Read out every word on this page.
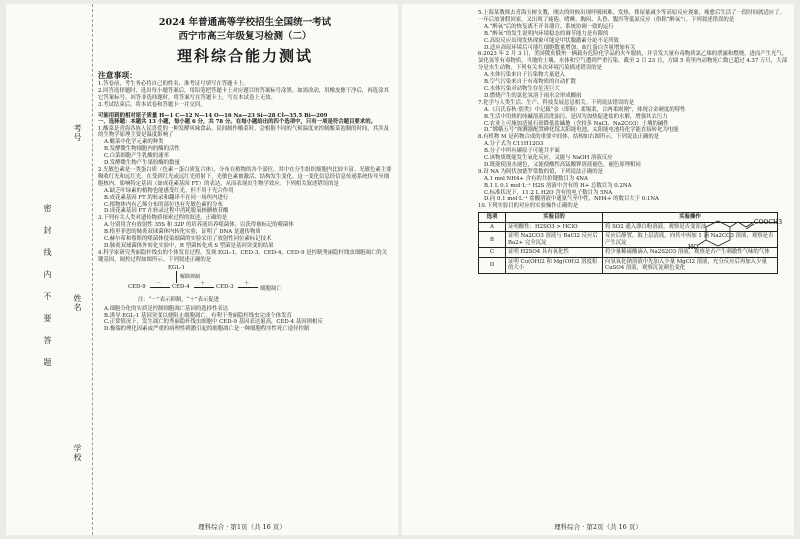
考号
姓名
学校
密封线内不要答题
2024 年普通高等学校招生全国统一考试
西宁市高三年级复习检测（二）
理科综合能力测试
注意事项：

1.答卷前，考生务必将自己的姓名、准考证号填写在答题卡上。

2.回答选择题时，选出每小题答案后，用铅笔把答题卡上对应题目的答案标号涂黑。如需改动，用橡皮擦干净后，再选涂其它答案标号。回答非选择题时，将答案写在答题卡上，写在本试卷上无效。

3.考试结束后，将本试卷和答题卡一并交回。

可能用到的相对原子质量 H—1 C—12 N—14 O—16 Na—23 Si—28 Cl—35.5 Bi—209

一、选择题：本题共 13 小题，每小题 6 分，共 78 分。在每小题给出的四个选项中，只有一项是符合题目要求的。

1.酸菜是青海各族人民喜爱的一种发酵风味食品。民间制作酸菜时，会根据不同的气候温度来控制酸菜泡制的时间，其涉及的生物学原理主要是温度影响了

A.酸菜中化学元素的种类
B.发酵微生物细胞内的酶的活性
C.白菜细胞产生乳酸的速率
D.发酵微生物产生果胶酶的数量

2.光敏色素是一类蛋白质（色素－蛋白质复合体），分布在植物的各个部位，其中在分生组织细胞内比较丰富。光敏色素主要吸收红光和远红光，在受到红光或远红光照射下，光敏色素被激活，结构发生变化，这一变化信息经信息传递系统传导至细胞核内，影响特定基因（如成花素基因 FT）的表达，从而表现出生物学效应。下列相关叙述错误的是

A.缺乏叶绿素的植物也能感受红光，但不用于光合作用
B.成花素基因 FT 的转录和翻译不在同一场所内进行
C.植物体内有乙烯分布的部位也有光敏色素的分布
D.成花素基因 FT 在转录过程中消耗脱氧核糖核苷酸

3.下列有关人类对遗传物质探索过程的叙述，正确的是

A.分别用含有放射性 35S 和 32P 的培养液培养噬菌体，以获得被标记的噬菌体
B.格里菲思的肺炎双球菌体内转化实验，证明了 DNA 是遗传物质
C.赫尔希和蔡斯的噬菌体侵染细菌的实验采用了放射性同位素标记技术
D.肺炎双球菌体外转化实验中，R 型菌转化成 S 型菌是基因突变的结果

4.科学家研究秀丽隐杆线虫的个体发育过程，发现 EGL-1，CED-3，CED-4，CED-9 是控制秀丽隐杆线虫细胞凋亡的关键基因，调控过程如图所示。下列叙述正确的是

EGL-1
解除抑制
CED-9 － CED-4 ＋ CED-3 ＋
细胞凋亡
注：“－”表示抑制，“＋”表示促进
A.细胞分化的实质是控制细胞凋亡基因的选择性表达
B.诱导 EGL-1 基因突变以便阻止细胞凋亡，有利于秀丽隐杆线虫完成个体发育
C.正常情况下，发生凋亡的秀丽隐杆线虫细胞中 CED-9 基因表达量高，CED-4 基因则相反
D.极端的理化因素或严重的病理性刺激引起的细胞凋亡是一种细胞程序性死亡途径控制
理科综合 · 第1页（共 16 页）

5.上海某教师去青海玉树支教，刚去的时候出现呼吸困难、发热、排尿量减少等高原反应现象，瘦愈后生活了一段时间就适应了。一年后放暑假回家，又出现了疲倦、嗜睡、胸闷、头昏、腹泻等低原反应（俗称“醉氧”）。下列叙述错误的是

A.“醉氧”后的恢复离不开各器官、系统协调一致的运行
B.“醉氧”的发生说明内环境稳态的调节能力是有限的
C.高原反应出现发热现象可能是甲状腺激素分泌不足所致
D.适应高原环境后可能红细胞数量增加，血红蛋白含量增加有关

6.2023 年 2 月 3 日，美国俄亥俄州一辆载有危险化学品的火车脱轨，并引发大量有毒物质氯乙烯的泄露和燃烧，进而产生光气、氯化氢等有毒物质，当地的土壤、水体和空气遭到严重污染，截至 2 月 23 日，方圆 5 英里内动物死亡数已超过 4.37 万只，大部分是水生动物。下列有关本次环境污染描述错误的是

A.水体污染来自于污染物大量进入
B.空气污染来自于有毒物质的自动扩散
C.水体污染对动物生存危害巨大
D.燃烧产生的氯化氢溶于雨水会形成酸雨

7.化学与人类生活、生产、科技发展息息相关。下列说法错误的是

A.《吕氏春秋·别类》中记载“金（即铜）柔锡柔，合两柔则刚”，体现合金硬度的特性
B.生活中用热的纯碱溶液清洗油污，是因为加热促进盐的水解，增强其去污力
C.农业上可施加适量石膏降低盐碱地（含较多 NaCl、Na2CO3）土壤的碱性
D.“嫦娥五号”探测器配置砷化镓太阳能电池，太阳能电池将化学能直接转化为电能

8.有机物 M 是药物合成的重要中间体，结构如右图所示，下列说法正确的是

A.分子式为 C11H12O3
B.分子中所有碳原子可能共平面
C.该物质既能发生氧化反应，又能与 NaOH 溶液反应
D.既能使溴水褪色，又能使酸性高锰酸钾溶液褪色，褪色原理相同

9.设 NA 为阿伏加德罗常数的值，下列说法正确的是

A.1 mol NH4+ 含有的共价键数目为 4NA
B.1 L 0.1 mol·L⁻¹ H2S 溶液中含有的 H+ 总数目为 0.2NA
C.标准状况下，11.2 L H2O 含有的电子数目为 5NA
D.向 0.1 mol·L⁻¹ 盐酸溶液中通氨气至中性，NH4+ 的数目大于 0.1NA

10.下列实验目的对应的实验操作正确的是

选项	实验目的	实验操作
A	证明酸性：H2SO3 > HClO	将 SO2 通入漂白粉溶液，观察是否变浑浊
B	证明 Na2CO3 溶液与 BaCl2 反应后 Ba2+ 完全沉淀	反应后静置，取上层清液，向其中再加 1 滴 Na2CO3 溶液，观察是否产生沉淀
C	证明 H2SO4 具有氧化性	将少量稀硫酸滴入 Na2S2O3 溶液，观察是否产生刺激性气味的气体
D	证明 Cu(OH)2 和 Mg(OH)2 溶度积的大小	向氢氧化钠溶液中先加入少量 MgCl2 溶液，充分反应后再加入少量 CuSO4 溶液，观察沉淀颜色变化
HO
COOCH3
理科综合 · 第2页（共 16 页）
